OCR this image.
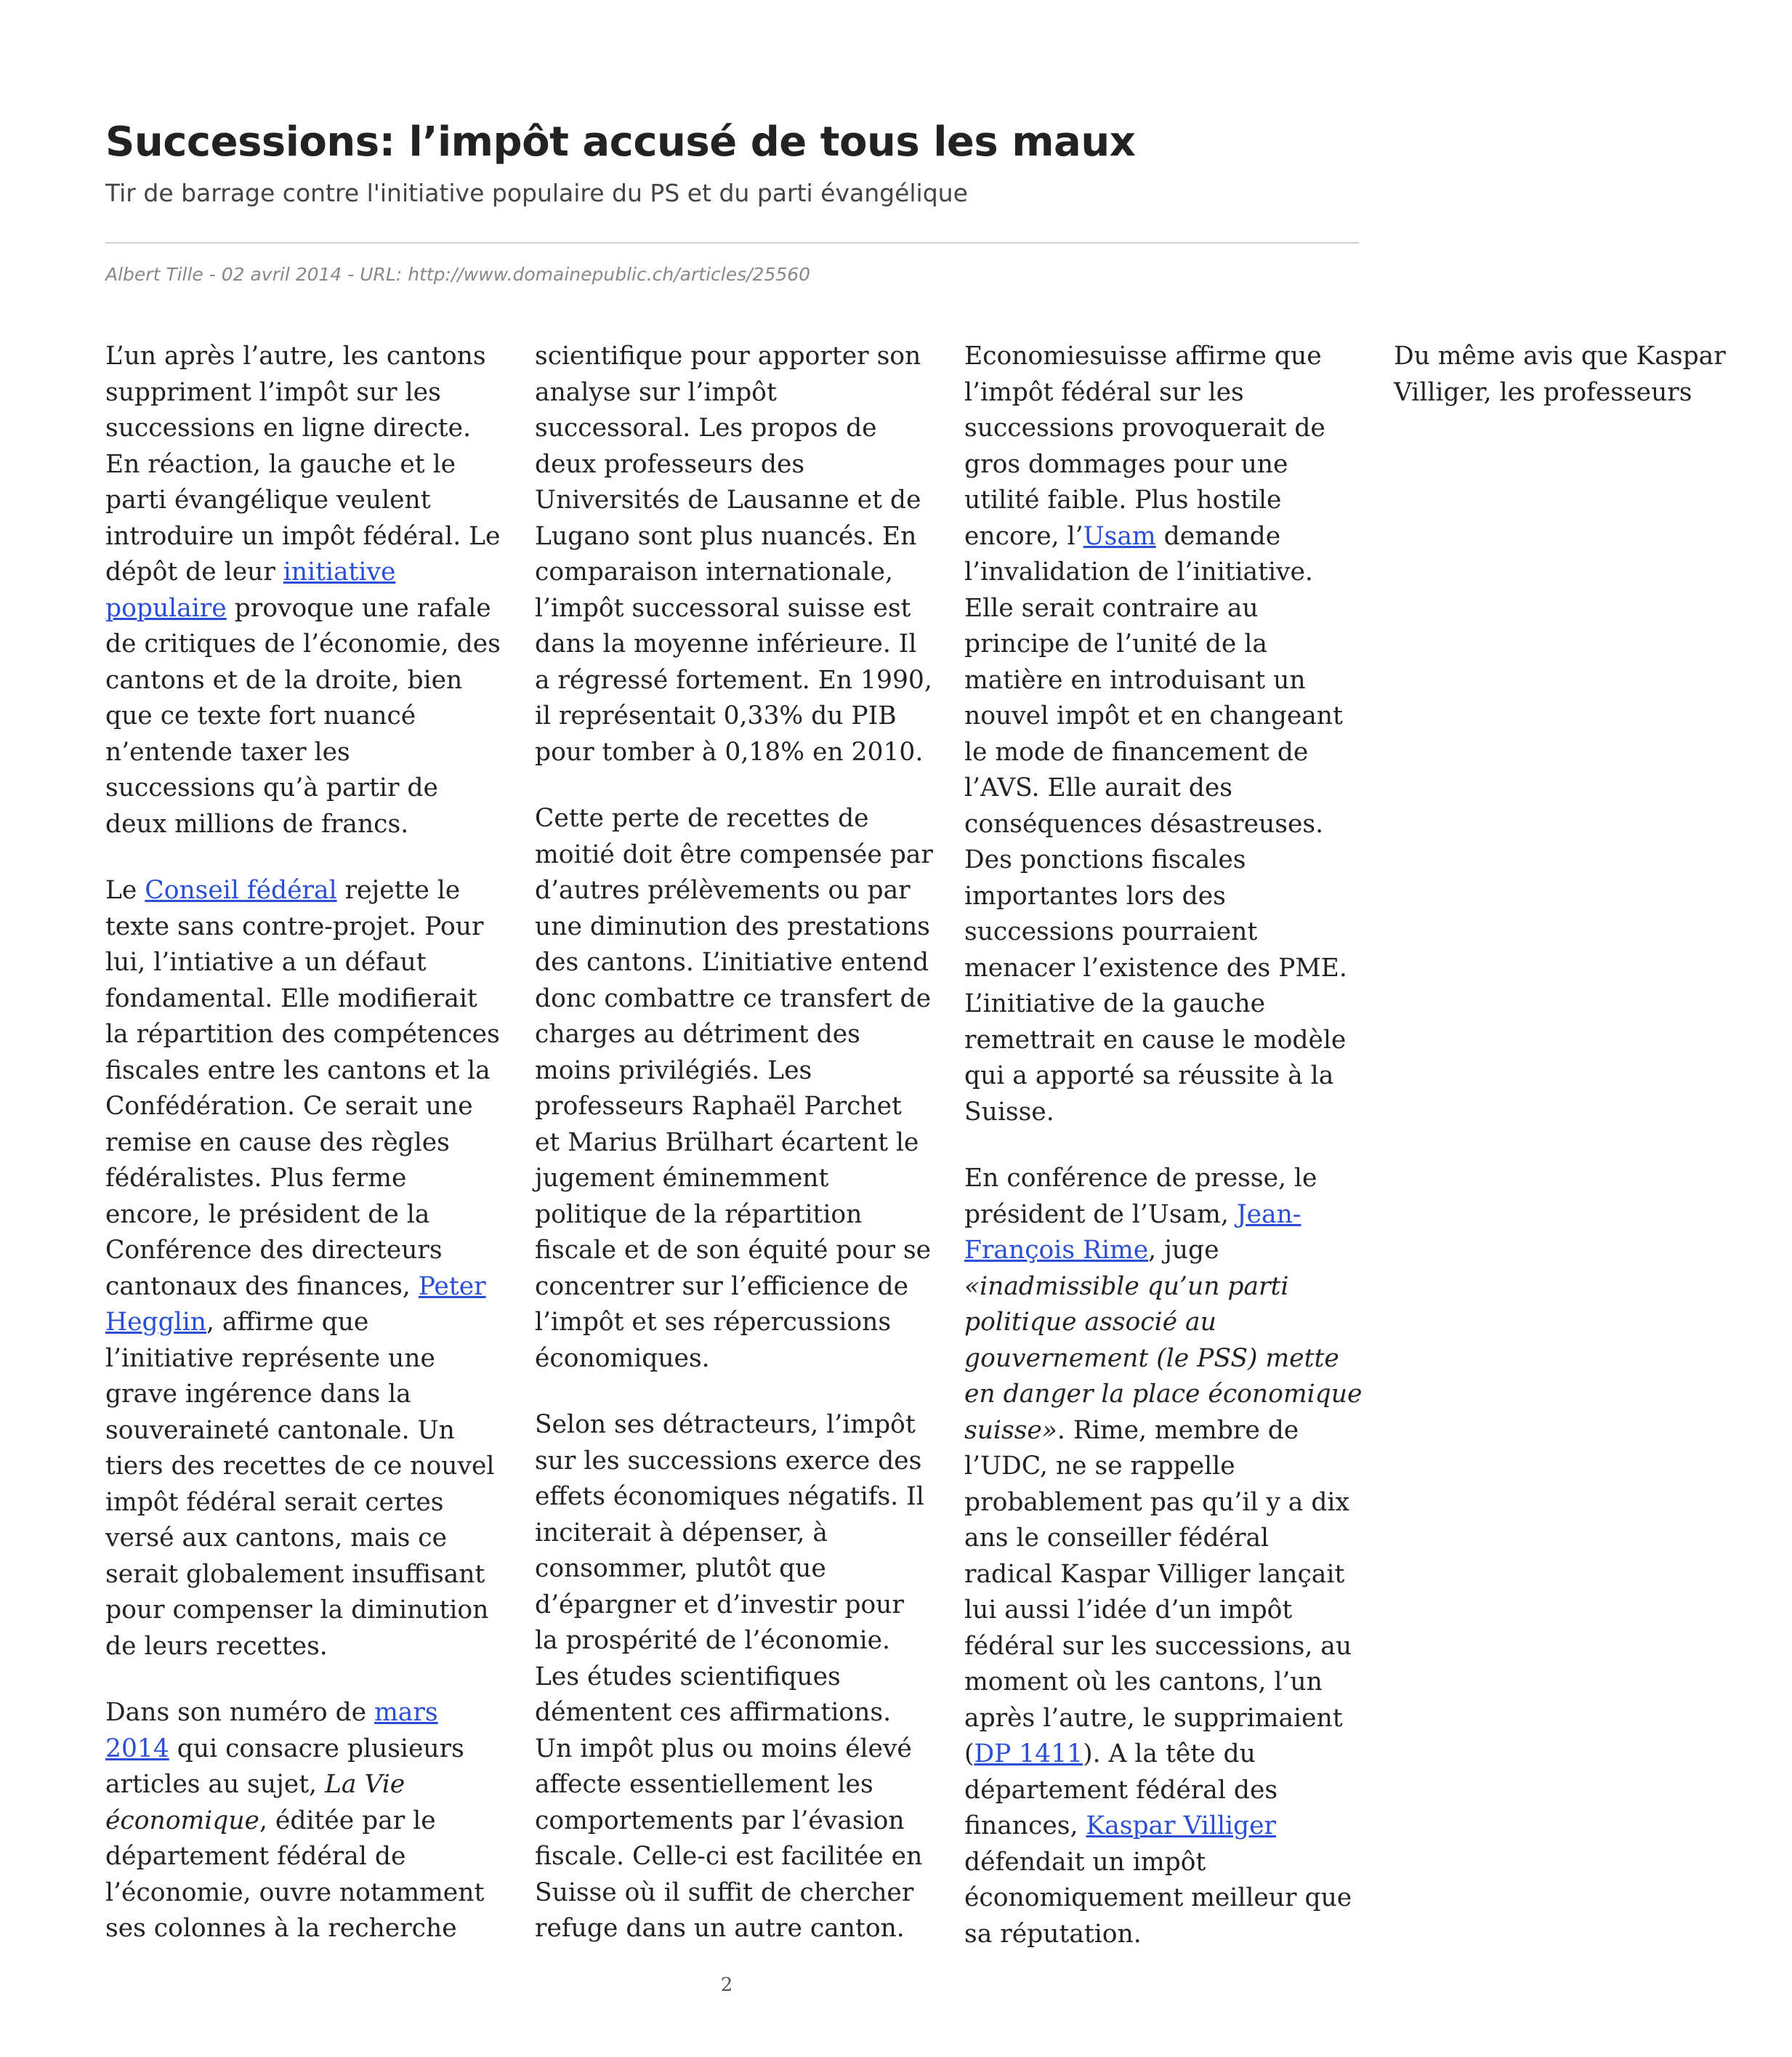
Successions: l’impôt accusé de tous les maux
Tir de barrage contre l'initiative populaire du PS et du parti évangélique
Albert Tille - 02 avril 2014 - URL: http://www.domainepublic.ch/articles/25560

L’un après l’autre, les cantons suppriment l’impôt sur les successions en ligne directe. En réaction, la gauche et le parti évangélique veulent introduire un impôt fédéral. Le dépôt de leur initiative populaire provoque une rafale de critiques de l’économie, des cantons et de la droite, bien que ce texte fort nuancé n’entende taxer les successions qu’à partir de deux millions de francs.

Le Conseil fédéral rejette le texte sans contre-projet. Pour lui, l’intiative a un défaut fondamental. Elle modifierait la répartition des compétences fiscales entre les cantons et la Confédération. Ce serait une remise en cause des règles fédéralistes. Plus ferme encore, le président de la Conférence des directeurs cantonaux des finances, Peter Hegglin, affirme que l’initiative représente une grave ingérence dans la souveraineté cantonale. Un tiers des recettes de ce nouvel impôt fédéral serait certes versé aux cantons, mais ce serait globalement insuffisant pour compenser la diminution de leurs recettes.

Dans son numéro de mars 2014 qui consacre plusieurs articles au sujet, La Vie économique, éditée par le département fédéral de l’économie, ouvre notamment ses colonnes à la recherche scientifique pour apporter son analyse sur l’impôt successoral. Les propos de deux professeurs des Universités de Lausanne et de Lugano sont plus nuancés. En comparaison internationale, l’impôt successoral suisse est dans la moyenne inférieure. Il a régressé fortement. En 1990, il représentait 0,33% du PIB pour tomber à 0,18% en 2010.

Cette perte de recettes de moitié doit être compensée par d’autres prélèvements ou par une diminution des prestations des cantons. L’initiative entend donc combattre ce transfert de charges au détriment des moins privilégiés. Les professeurs Raphaël Parchet et Marius Brülhart écartent le jugement éminemment politique de la répartition fiscale et de son équité pour se concentrer sur l’efficience de l’impôt et ses répercussions économiques.

Selon ses détracteurs, l’impôt sur les successions exerce des effets économiques négatifs. Il inciterait à dépenser, à consommer, plutôt que d’épargner et d’investir pour la prospérité de l’économie. Les études scientifiques démentent ces affirmations. Un impôt plus ou moins élevé affecte essentiellement les comportements par l’évasion fiscale. Celle-ci est facilitée en Suisse où il suffit de chercher refuge dans un autre canton.

Economiesuisse affirme que l’impôt fédéral sur les successions provoquerait de gros dommages pour une utilité faible. Plus hostile encore, l’Usam demande l’invalidation de l’initiative. Elle serait contraire au principe de l’unité de la matière en introduisant un nouvel impôt et en changeant le mode de financement de l’AVS. Elle aurait des conséquences désastreuses. Des ponctions fiscales importantes lors des successions pourraient menacer l’existence des PME. L’initiative de la gauche remettrait en cause le modèle qui a apporté sa réussite à la Suisse.

En conférence de presse, le président de l’Usam, Jean-François Rime, juge «inadmissible qu’un parti politique associé au gouvernement (le PSS) mette en danger la place économique suisse». Rime, membre de l’UDC, ne se rappelle probablement pas qu’il y a dix ans le conseiller fédéral radical Kaspar Villiger lançait lui aussi l’idée d’un impôt fédéral sur les successions, au moment où les cantons, l’un après l’autre, le supprimaient (DP 1411). A la tête du département fédéral des finances, Kaspar Villiger défendait un impôt économiquement meilleur que sa réputation.

Du même avis que Kaspar Villiger, les professeurs

2
